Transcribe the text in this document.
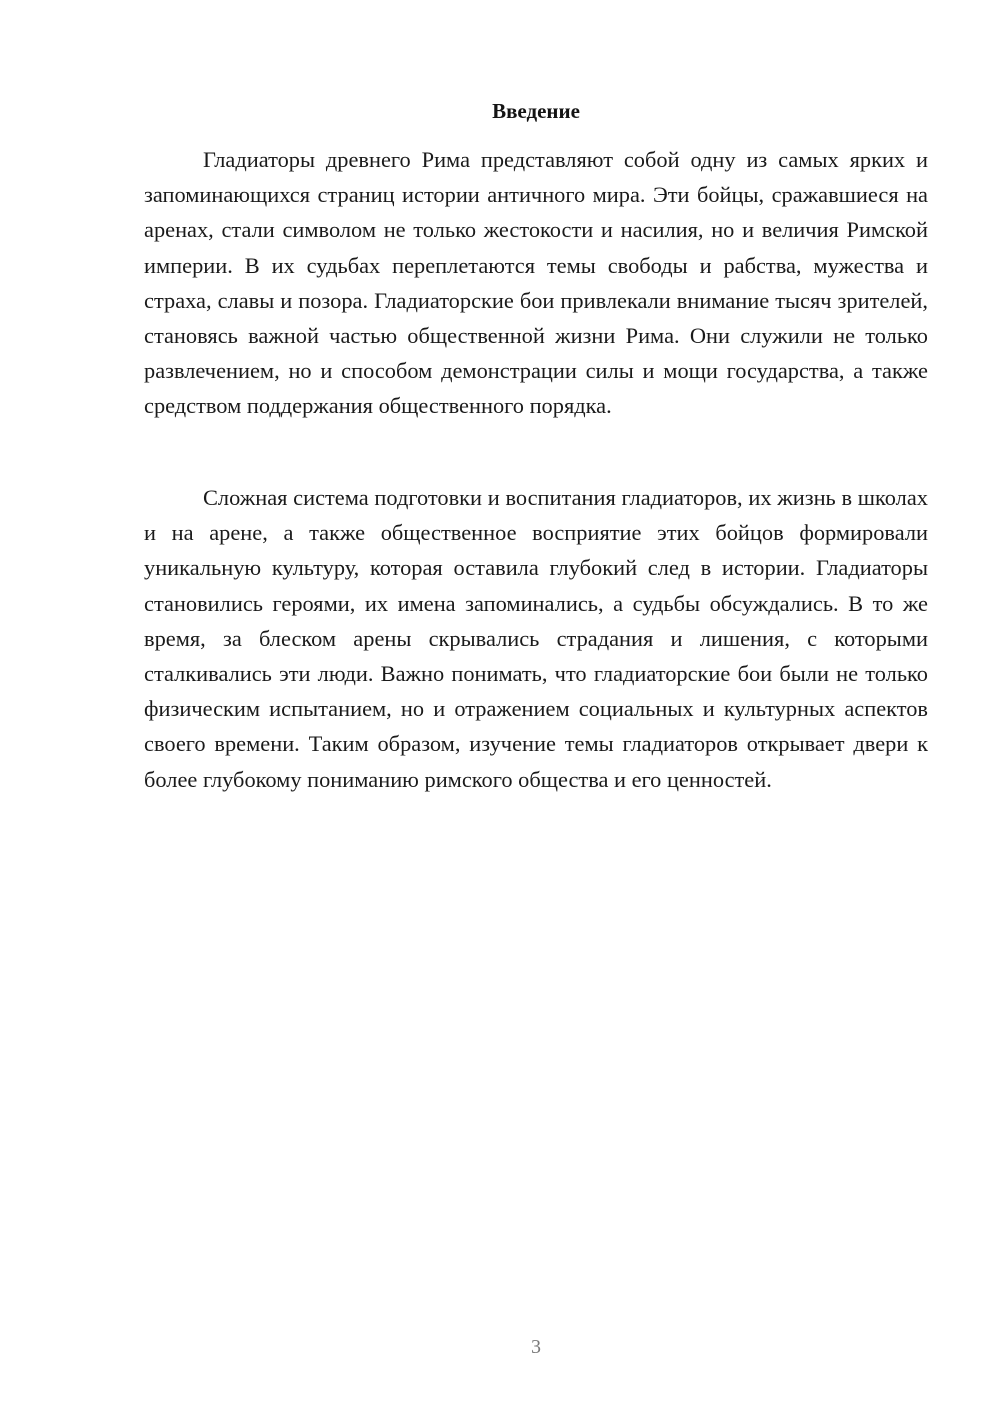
Введение

Гладиаторы древнего Рима представляют собой одну из самых ярких и запоминающихся страниц истории античного мира. Эти бойцы, сражавшиеся на аренах, стали символом не только жестокости и насилия, но и величия Римской империи. В их судьбах переплетаются темы свободы и рабства, мужества и страха, славы и позора. Гладиаторские бои привлекали внимание тысяч зрителей, становясь важной частью общественной жизни Рима. Они служили не только развлечением, но и способом демонстрации силы и мощи государства, а также средством поддержания общественного порядка.

Сложная система подготовки и воспитания гладиаторов, их жизнь в школах и на арене, а также общественное восприятие этих бойцов формировали уникальную культуру, которая оставила глубокий след в истории. Гладиаторы становились героями, их имена запоминались, а судьбы обсуждались. В то же время, за блеском арены скрывались страдания и лишения, с которыми сталкивались эти люди. Важно понимать, что гладиаторские бои были не только физическим испытанием, но и отражением социальных и культурных аспектов своего времени. Таким образом, изучение темы гладиаторов открывает двери к более глубокому пониманию римского общества и его ценностей.

3
